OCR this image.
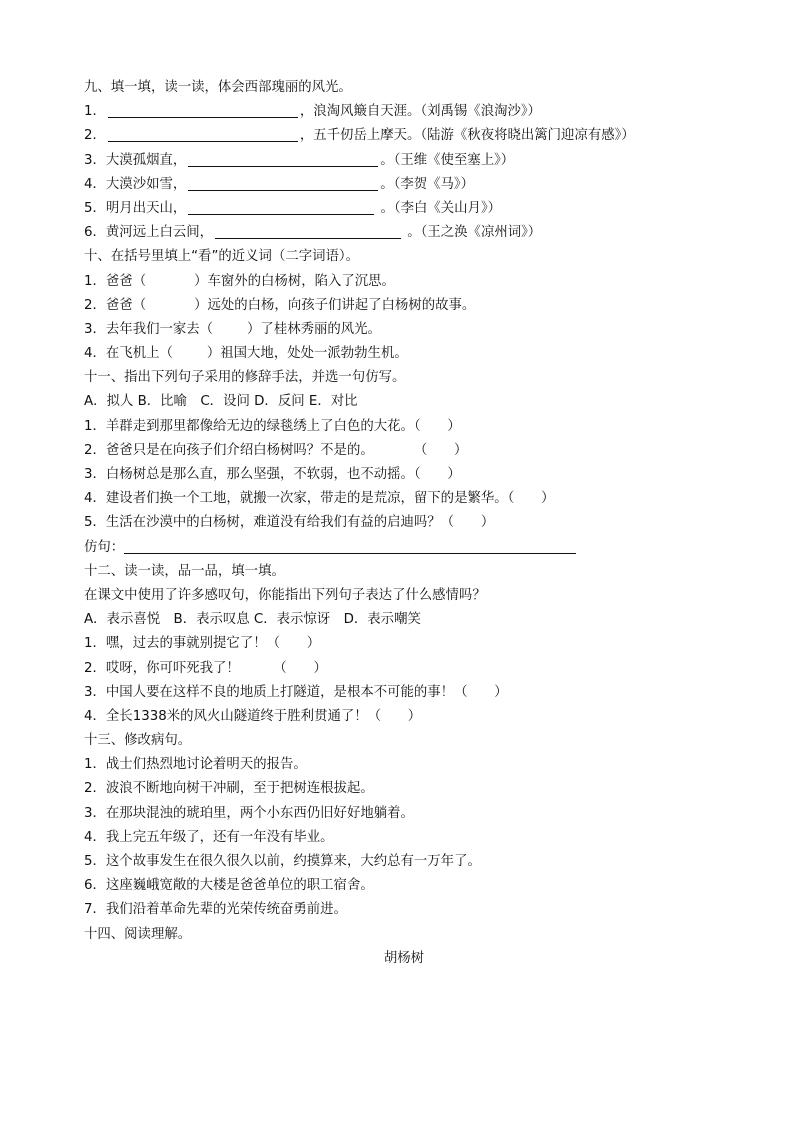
九、填一填，读一读，体会西部瑰丽的风光。
1．	，浪淘风簸自天涯。（刘禹锡《浪淘沙》）
2．	，五千仞岳上摩天。（陆游《秋夜将晓出篱门迎凉有感》）
3．大漠孤烟直，	。（王维《使至塞上》）
4．大漠沙如雪，	。（李贺《马》）
5．明月出天山，	。（李白《关山月》）
6．黄河远上白云间，	。（王之涣《凉州词》）
十、在括号里填上“看”的近义词（二字词语）。
1．爸爸（	）车窗外的白杨树，陷入了沉思。
2．爸爸（	）远处的白杨，向孩子们讲起了白杨树的故事。
3．去年我们一家去（	）了桂林秀丽的风光。
4．在飞机上（	）祖国大地，处处一派勃勃生机。
十一、指出下列句子采用的修辞手法，并选一句仿写。
A．拟人 B．比喻　C．设问 D．反问 E．对比
1．羊群走到那里都像给无边的绿毯绣上了白色的大花。（　　）
2．爸爸只是在向孩子们介绍白杨树吗？不是的。　　　　（　　）
3．白杨树总是那么直，那么坚强，不软弱，也不动摇。（　　）
4．建设者们换一个工地，就搬一次家，带走的是荒凉，留下的是繁华。（　　）
5．生活在沙漠中的白杨树，难道没有给我们有益的启迪吗？（　　）
仿句：
十二、读一读，品一品，填一填。
在课文中使用了许多感叹句，你能指出下列句子表达了什么感情吗？
A．表示喜悦　B．表示叹息 C．表示惊讶　D．表示嘲笑
1．嘿，过去的事就别提它了！（　　）
2．哎呀，你可吓死我了！　　　（　　）
3．中国人要在这样不良的地质上打隧道，是根本不可能的事！（　　）
4．全长1338米的风火山隧道终于胜利贯通了！（　　）
十三、修改病句。
1．战士们热烈地讨论着明天的报告。
2．波浪不断地向树干冲刷，至于把树连根拔起。
3．在那块混浊的琥珀里，两个小东西仍旧好好地躺着。
4．我上完五年级了，还有一年没有毕业。
5．这个故事发生在很久很久以前，约摸算来，大约总有一万年了。
6．这座巍峨宽敞的大楼是爸爸单位的职工宿舍。
7．我们沿着革命先辈的光荣传统奋勇前进。
十四、阅读理解。
胡杨树
